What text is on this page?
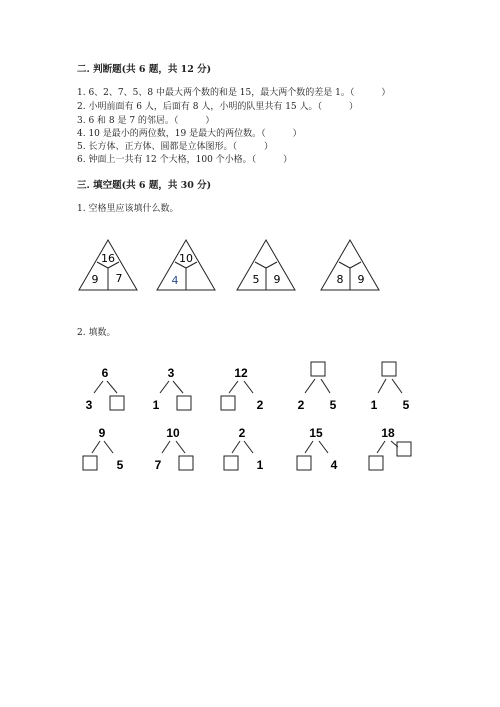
二. 判断题(共 6 题，共 12 分)
1. 6、2、7、5、8 中最大两个数的和是 15，最大两个数的差是 1。（　　　）
2. 小明前面有 6 人，后面有 8 人，小明的队里共有 15 人。（　　　）
3. 6 和 8 是 7 的邻居。（　　　）
4. 10 是最小的两位数，19 是最大的两位数。（　　　）
5. 长方体、正方体、圆都是立体图形。（　　　）
6. 钟面上一共有 12 个大格，100 个小格。（　　　）
三. 填空题(共 6 题，共 30 分)
1. 空格里应该填什么数。
2. 填数。
16
9 7
10
4	5 9	8 9
6
3
3
1
12
2	2 5	1 5
9
5
10
7
2
1
15
4
18
